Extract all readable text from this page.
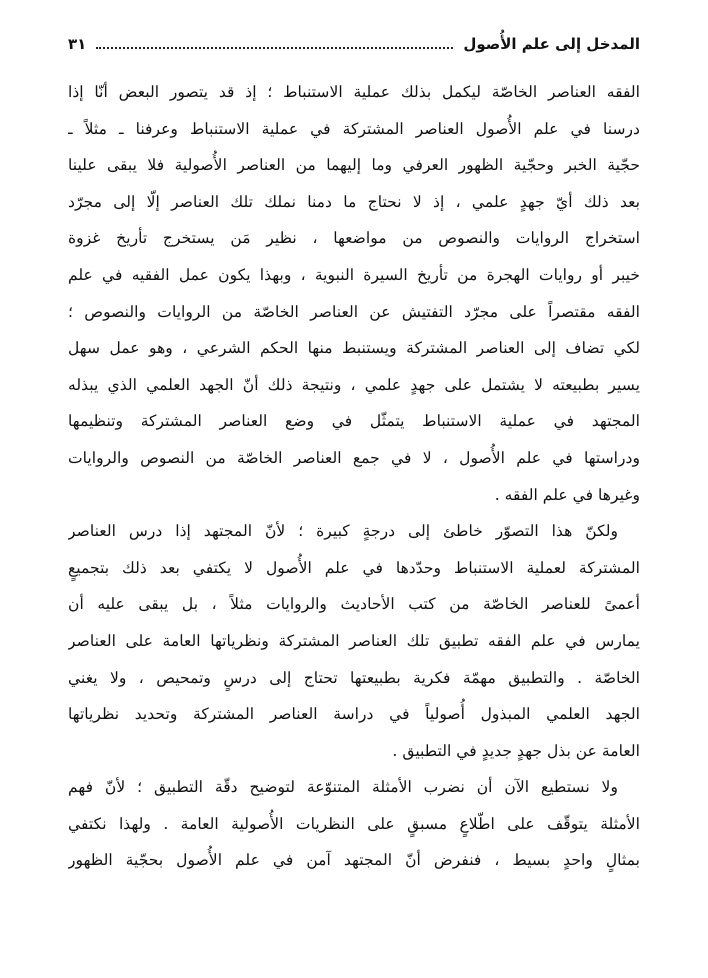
المدخل إلى علم الأُصول
٣١
الفقه العناصر الخاصّة ليكمل بذلك عملية الاستنباط ؛ إذ قد يتصور البعض أنّا إذا
درسنا في علم الأُصول العناصر المشتركة في عملية الاستنباط وعرفنا ـ مثلاً ـ
حجّية الخبر وحجّية الظهور العرفي وما إليهما من العناصر الأُصولية فلا يبقى علينا
بعد ذلك أيّ جهدٍ علمي ، إذ لا نحتاج ما دمنا نملك تلك العناصر إلّا إلى مجرّد
استخراج الروايات والنصوص من مواضعها ، نظير مَن يستخرج تأريخ غزوة
خيبر أو روايات الهجرة من تأريخ السيرة النبوية ، وبهذا يكون عمل الفقيه في علم
الفقه مقتصراً على مجرّد التفتيش عن العناصر الخاصّة من الروايات والنصوص ؛
لكي تضاف إلى العناصر المشتركة ويستنبط منها الحكم الشرعي ، وهو عمل سهل
يسير بطبيعته لا يشتمل على جهدٍ علمي ، ونتيجة ذلك أنّ الجهد العلمي الذي يبذله
المجتهد في عملية الاستنباط يتمثّل في وضع العناصر المشتركة وتنظيمها
ودراستها في علم الأُصول ، لا في جمع العناصر الخاصّة من النصوص والروايات
وغيرها في علم الفقه .
ولكنّ هذا التصوّر خاطئ إلى درجةٍ كبيرة ؛ لأنّ المجتهد إذا درس العناصر
المشتركة لعملية الاستنباط وحدّدها في علم الأُصول لا يكتفي بعد ذلك بتجميعٍ
أعمىً للعناصر الخاصّة من كتب الأحاديث والروايات مثلاً ، بل يبقى عليه أن
يمارس في علم الفقه تطبيق تلك العناصر المشتركة ونظرياتها العامة على العناصر
الخاصّة . والتطبيق مهمّة فكرية بطبيعتها تحتاج إلى درسٍ وتمحيص ، ولا يغني
الجهد العلمي المبذول أُصولياً في دراسة العناصر المشتركة وتحديد نظرياتها
العامة عن بذل جهدٍ جديدٍ في التطبيق .
ولا نستطيع الآن أن نضرب الأمثلة المتنوّعة لتوضيح دقّة التطبيق ؛ لأنّ فهم
الأمثلة يتوقّف على اطّلاعٍ مسبقٍ على النظريات الأُصولية العامة . ولهذا نكتفي
بمثالٍ واحدٍ بسيط ، فنفرض أنّ المجتهد آمن في علم الأُصول بحجّية الظهور
